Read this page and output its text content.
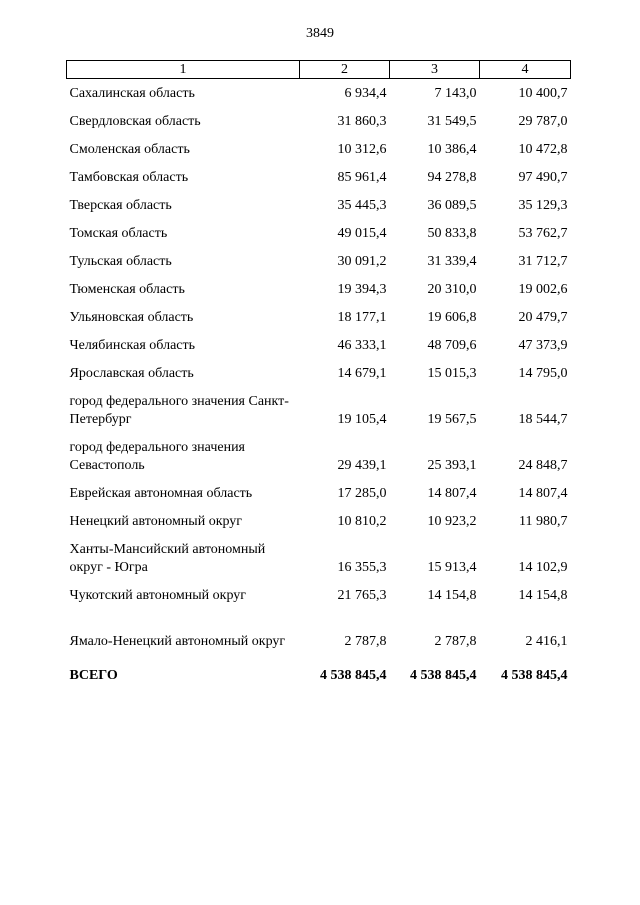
3849
1	2	3	4
Сахалинская область	6 934,4	7 143,0	10 400,7
Свердловская область	31 860,3	31 549,5	29 787,0
Смоленская область	10 312,6	10 386,4	10 472,8
Тамбовская область	85 961,4	94 278,8	97 490,7
Тверская область	35 445,3	36 089,5	35 129,3
Томская область	49 015,4	50 833,8	53 762,7
Тульская область	30 091,2	31 339,4	31 712,7
Тюменская область	19 394,3	20 310,0	19 002,6
Ульяновская область	18 177,1	19 606,8	20 479,7
Челябинская область	46 333,1	48 709,6	47 373,9
Ярославская область	14 679,1	15 015,3	14 795,0
город федерального значения Санкт-Петербург	19 105,4	19 567,5	18 544,7
город федерального значения Севастополь	29 439,1	25 393,1	24 848,7
Еврейская автономная область	17 285,0	14 807,4	14 807,4
Ненецкий автономный округ	10 810,2	10 923,2	11 980,7
Ханты-Мансийский автономный округ - Югра	16 355,3	15 913,4	14 102,9
Чукотский автономный округ	21 765,3	14 154,8	14 154,8
Ямало-Ненецкий автономный округ	2 787,8	2 787,8	2 416,1
ВСЕГО	4 538 845,4	4 538 845,4	4 538 845,4
